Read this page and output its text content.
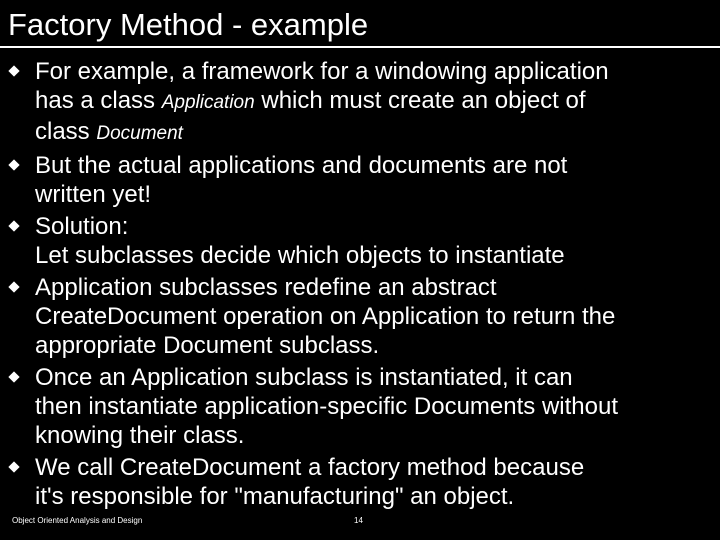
Factory Method - example
For example, a framework for a windowing application
has a class Application which must create an object of
class Document
But the actual applications and documents are not
written yet!
Solution:
Let subclasses decide which objects to instantiate
Application subclasses redefine an abstract
CreateDocument operation on Application to return the
appropriate Document subclass.
Once an Application subclass is instantiated, it can
then instantiate application-specific Documents without
knowing their class.
We call CreateDocument a factory method because
it's responsible for "manufacturing" an object.
Object Oriented Analysis and Design	14
